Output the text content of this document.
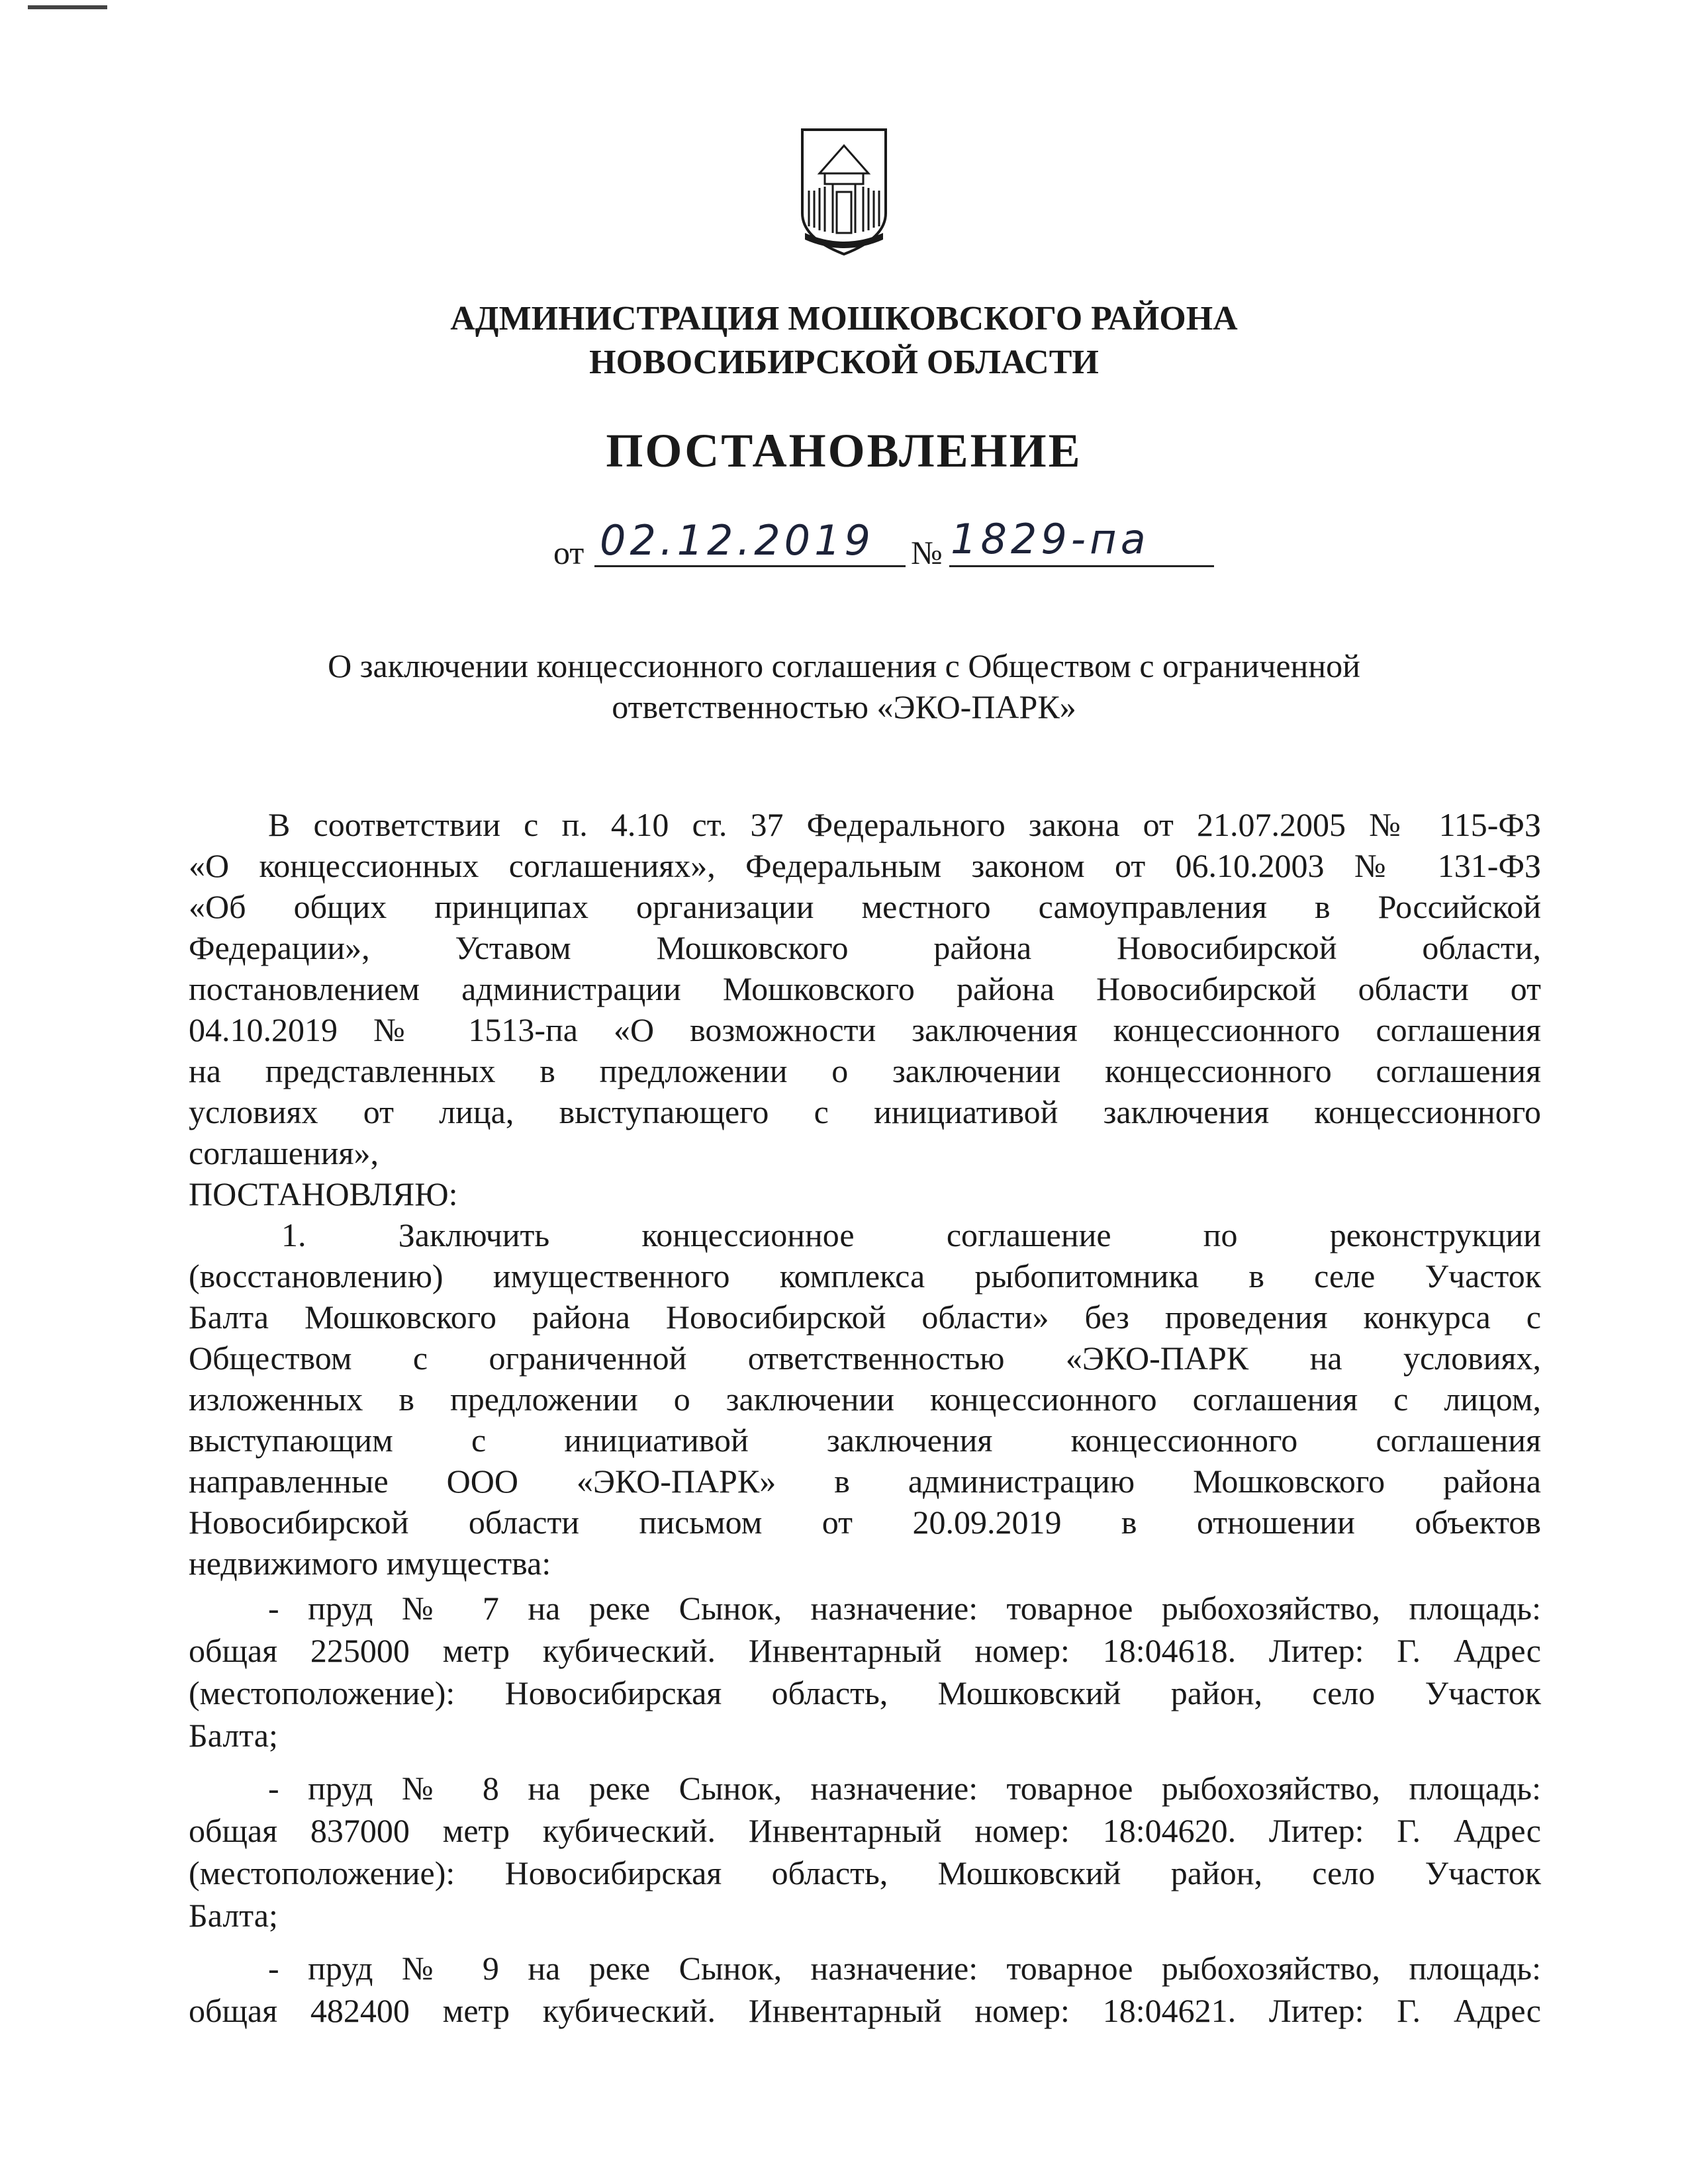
АДМИНИСТРАЦИЯ МОШКОВСКОГО РАЙОНА
НОВОСИБИРСКОЙ ОБЛАСТИ
ПОСТАНОВЛЕНИЕ
от 02.12.2019 № 1829-па
О заключении концессионного соглашения с Обществом с ограниченной
ответственностью «ЭКО-ПАРК»
В соответствии с п. 4.10 ст. 37 Федерального закона от 21.07.2005 № 115-ФЗ
«О концессионных соглашениях», Федеральным законом от 06.10.2003 № 131-ФЗ
«Об общих принципах организации местного самоуправления в Российской
Федерации», Уставом Мошковского района Новосибирской области,
постановлением администрации Мошковского района Новосибирской области от
04.10.2019 № 1513-па «О возможности заключения концессионного соглашения
на представленных в предложении о заключении концессионного соглашения
условиях от лица, выступающего с инициативой заключения концессионного
соглашения»,
ПОСТАНОВЛЯЮ:
1. Заключить концессионное соглашение по реконструкции
(восстановлению) имущественного комплекса рыбопитомника в селе Участок
Балта Мошковского района Новосибирской области» без проведения конкурса с
Обществом с ограниченной ответственностью «ЭКО-ПАРК на условиях,
изложенных в предложении о заключении концессионного соглашения с лицом,
выступающим с инициативой заключения концессионного соглашения
направленные ООО «ЭКО-ПАРК» в администрацию Мошковского района
Новосибирской области письмом от 20.09.2019 в отношении объектов
недвижимого имущества:
- пруд № 7 на реке Сынок, назначение: товарное рыбохозяйство, площадь:
общая 225000 метр кубический. Инвентарный номер: 18:04618. Литер: Г. Адрес
(местоположение): Новосибирская область, Мошковский район, село Участок
Балта;
- пруд № 8 на реке Сынок, назначение: товарное рыбохозяйство, площадь:
общая 837000 метр кубический. Инвентарный номер: 18:04620. Литер: Г. Адрес
(местоположение): Новосибирская область, Мошковский район, село Участок
Балта;
- пруд № 9 на реке Сынок, назначение: товарное рыбохозяйство, площадь:
общая 482400 метр кубический. Инвентарный номер: 18:04621. Литер: Г. Адрес
